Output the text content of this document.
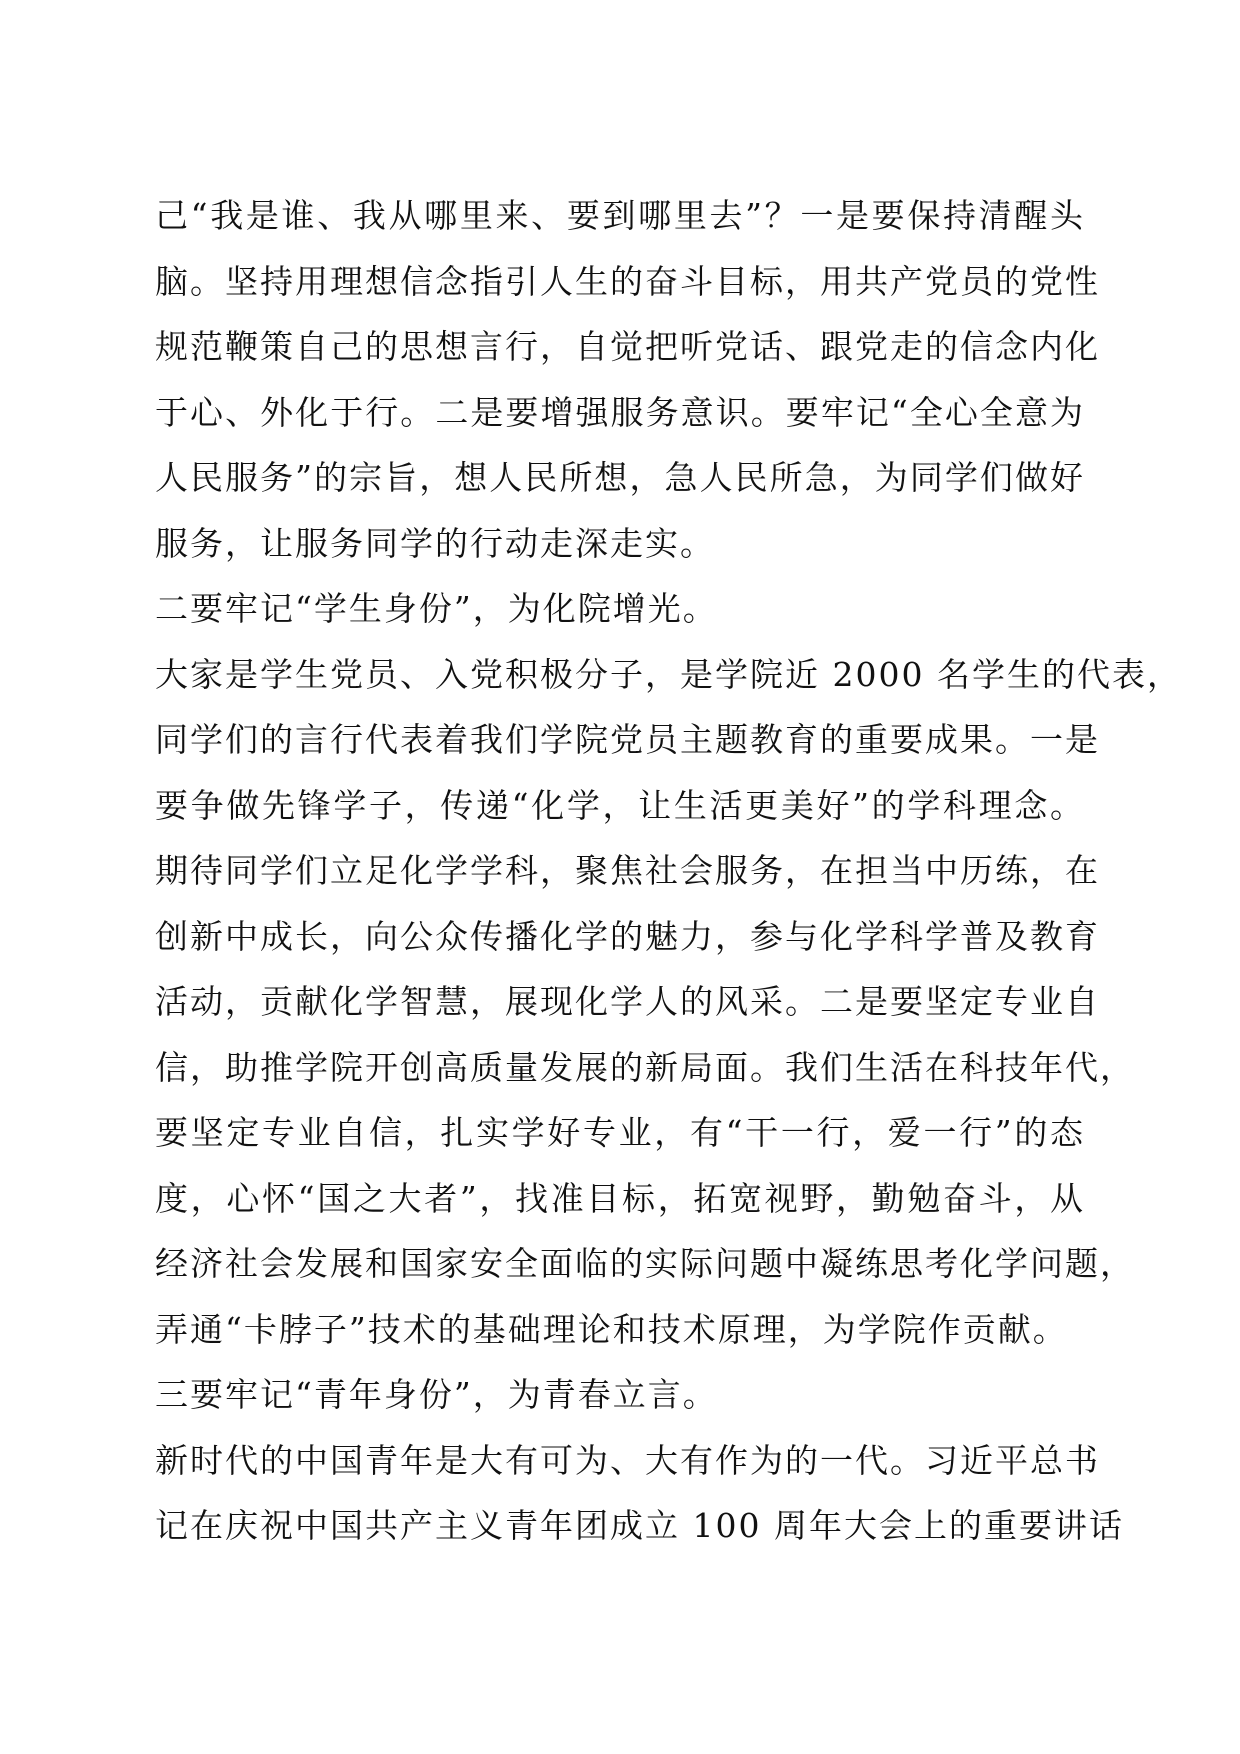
己“我是谁、我从哪里来、要到哪里去”？一是要保持清醒头
脑。坚持用理想信念指引人生的奋斗目标，用共产党员的党性
规范鞭策自己的思想言行，自觉把听党话、跟党走的信念内化
于心、外化于行。二是要增强服务意识。要牢记“全心全意为
人民服务”的宗旨，想人民所想，急人民所急，为同学们做好
服务，让服务同学的行动走深走实。
二要牢记“学生身份”，为化院增光。
大家是学生党员、入党积极分子，是学院近 2000 名学生的代表，
同学们的言行代表着我们学院党员主题教育的重要成果。一是
要争做先锋学子，传递“化学，让生活更美好”的学科理念。
期待同学们立足化学学科，聚焦社会服务，在担当中历练，在
创新中成长，向公众传播化学的魅力，参与化学科学普及教育
活动，贡献化学智慧，展现化学人的风采。二是要坚定专业自
信，助推学院开创高质量发展的新局面。我们生活在科技年代，
要坚定专业自信，扎实学好专业，有“干一行，爱一行”的态
度，心怀“国之大者”，找准目标，拓宽视野，勤勉奋斗，从
经济社会发展和国家安全面临的实际问题中凝练思考化学问题，
弄通“卡脖子”技术的基础理论和技术原理，为学院作贡献。
三要牢记“青年身份”，为青春立言。
新时代的中国青年是大有可为、大有作为的一代。习近平总书
记在庆祝中国共产主义青年团成立 100 周年大会上的重要讲话
